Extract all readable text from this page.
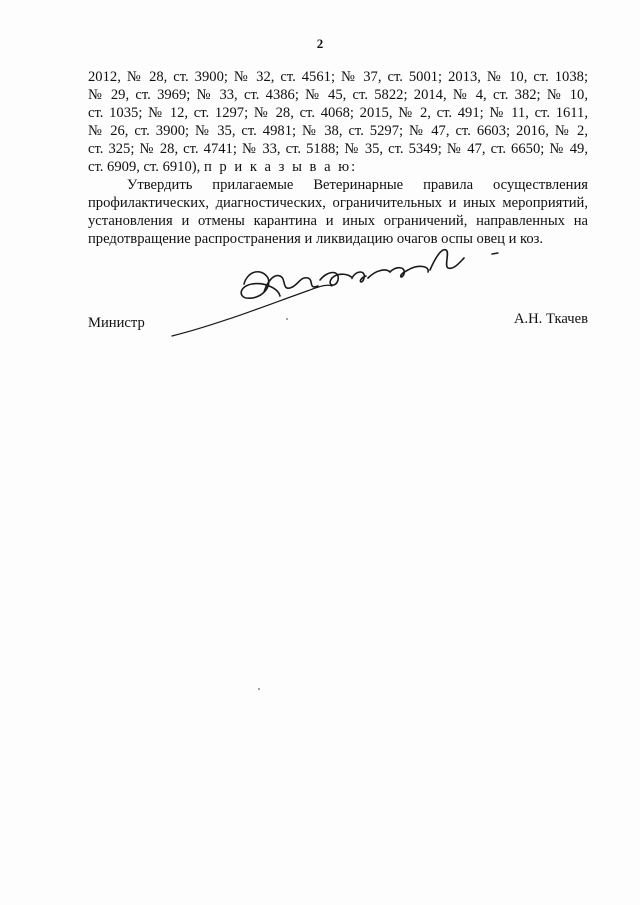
2
2012, № 28, ст. 3900; № 32, ст. 4561; № 37, ст. 5001; 2013, № 10, ст. 1038;
№ 29, ст. 3969; № 33, ст. 4386; № 45, ст. 5822; 2014, № 4, ст. 382; № 10,
ст. 1035; № 12, ст. 1297; № 28, ст. 4068; 2015, № 2, ст. 491; № 11, ст. 1611,
№ 26, ст. 3900; № 35, ст. 4981; № 38, ст. 5297; № 47, ст. 6603; 2016, № 2,
ст. 325; № 28, ст. 4741; № 33, ст. 5188; № 35, ст. 5349; № 47, ст. 6650; № 49,
ст. 6909, ст. 6910), п р и к а з ы в а ю:
Утвердить прилагаемые Ветеринарные правила осуществления
профилактических, диагностических, ограничительных и иных мероприятий,
установления и отмены карантина и иных ограничений, направленных на
предотвращение распространения и ликвидацию очагов оспы овец и коз.
Министр	А.Н. Ткачев
